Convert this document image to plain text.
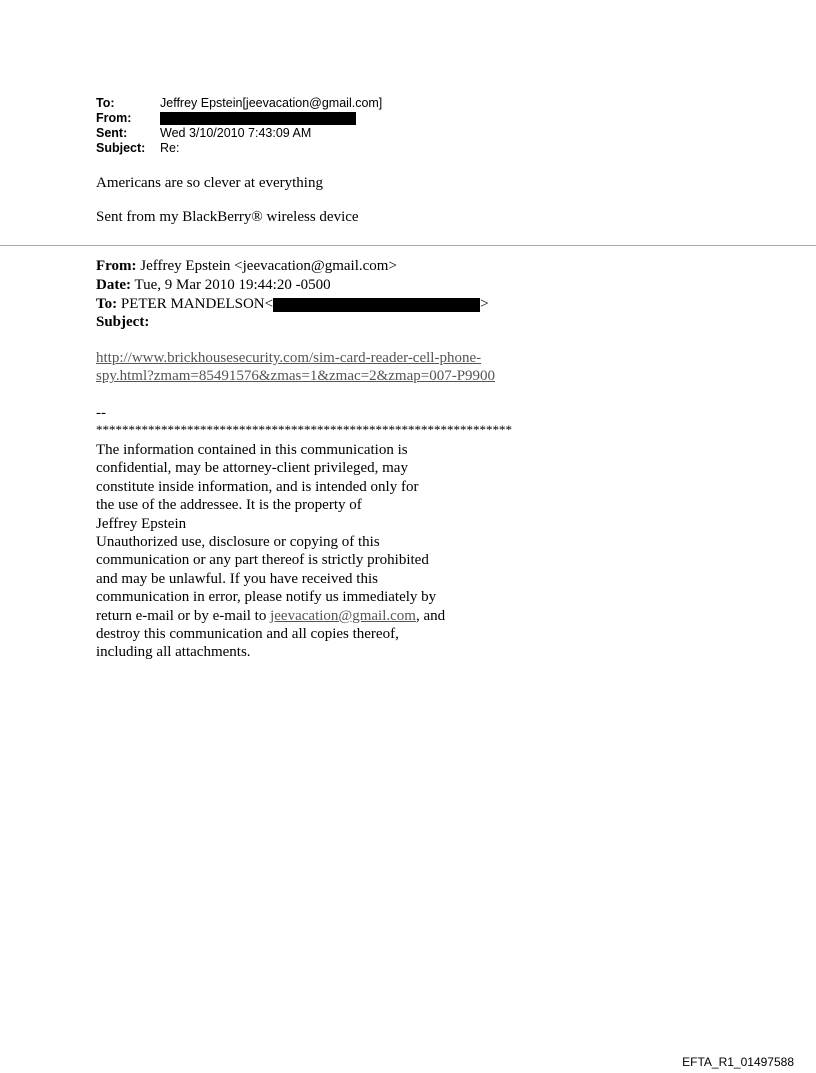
To:	Jeffrey Epstein[jeevacation@gmail.com]
From:
Sent:	Wed 3/10/2010 7:43:09 AM
Subject: Re:
Americans are so clever at everything
Sent from my BlackBerry® wireless device
From: Jeffrey Epstein <jeevacation@gmail.com>
Date: Tue, 9 Mar 2010 19:44:20 -0500
To: PETER MANDELSON<	>
Subject:
http://www.brickhousesecurity.com/sim-card-reader-cell-phone-
spy.html?zmam=85491576&zmas=1&zmac=2&zmap=007-P9900
--
****************************************************************
The information contained in this communication is
confidential, may be attorney-client privileged, may
constitute inside information, and is intended only for
the use of the addressee. It is the property of
Jeffrey Epstein
Unauthorized use, disclosure or copying of this
communication or any part thereof is strictly prohibited
and may be unlawful. If you have received this
communication in error, please notify us immediately by
return e-mail or by e-mail to jeevacation@gmail.com, and
destroy this communication and all copies thereof,
including all attachments.
EFTA_R1_01497588
